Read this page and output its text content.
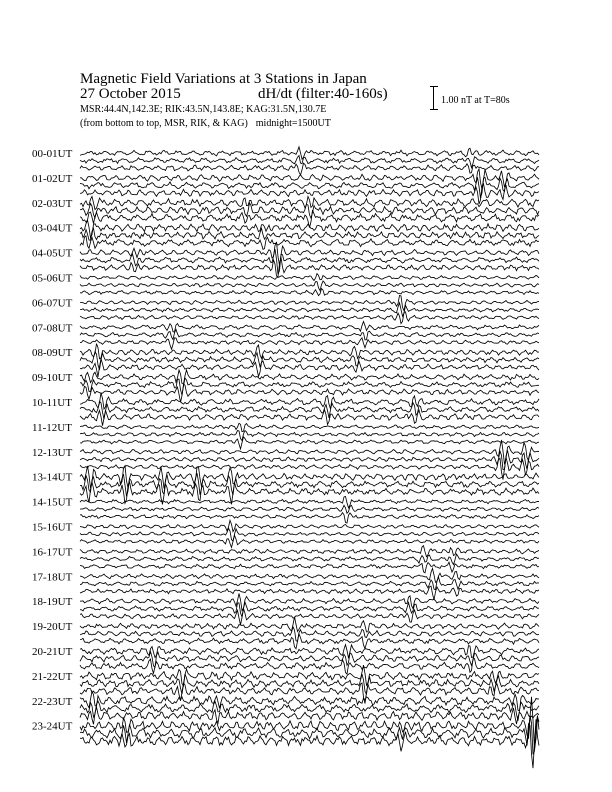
Magnetic Field Variations at 3 Stations in Japan
27 October 2015	dH/dt (filter:40-160s)
MSR:44.4N,142.3E; RIK:43.5N,143.8E; KAG:31.5N,130.7E
(from bottom to top, MSR, RIK, & KAG) midnight=1500UT
1.00 nT at T=80s
00-01UT
01-02UT
02-03UT
03-04UT
04-05UT
05-06UT
06-07UT
07-08UT
08-09UT
09-10UT
10-11UT
11-12UT
12-13UT
13-14UT
14-15UT
15-16UT
16-17UT
17-18UT
18-19UT
19-20UT
20-21UT
21-22UT
22-23UT
23-24UT
